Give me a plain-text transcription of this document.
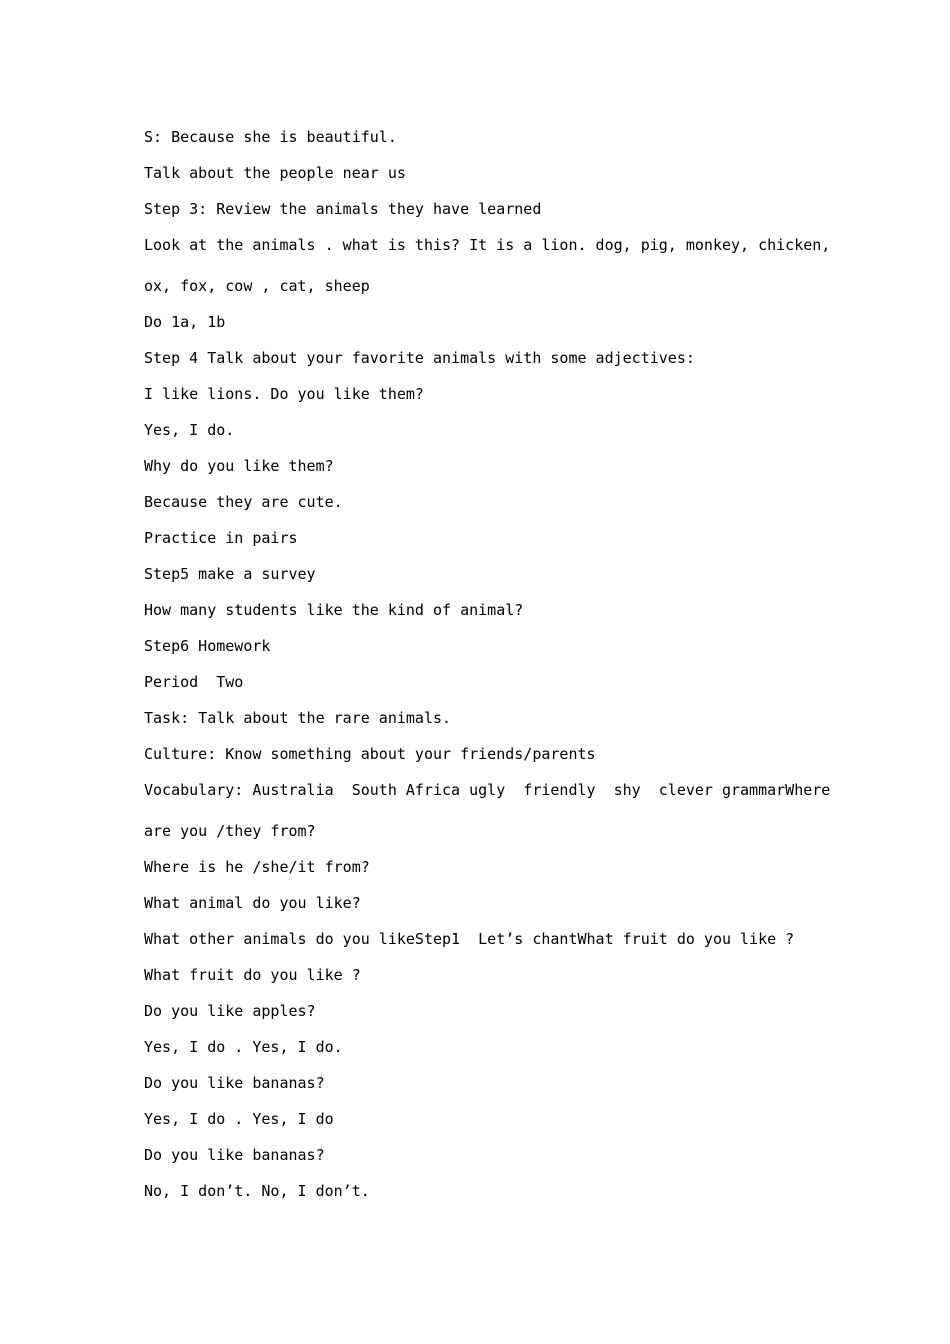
S: Because she is beautiful.

Talk about the people near us

Step 3: Review the animals they have learned

Look at the animals . what is this? It is a lion. dog, pig, monkey, chicken,

ox, fox, cow , cat, sheep

Do 1a, 1b

Step 4 Talk about your favorite animals with some adjectives:

I like lions. Do you like them?

Yes, I do.

Why do you like them?

Because they are cute.

Practice in pairs

Step5 make a survey

How many students like the kind of animal?

Step6 Homework

Period  Two

Task: Talk about the rare animals.

Culture: Know something about your friends/parents

Vocabulary: Australia  South Africa ugly  friendly  shy  clever grammarWhere

are you /they from?

Where is he /she/it from?

What animal do you like?

What other animals do you likeStep1  Let’s chantWhat fruit do you like ?

What fruit do you like ?

Do you like apples?

Yes, I do . Yes, I do.

Do you like bananas?

Yes, I do . Yes, I do

Do you like bananas?

No, I don’t. No, I don’t.
